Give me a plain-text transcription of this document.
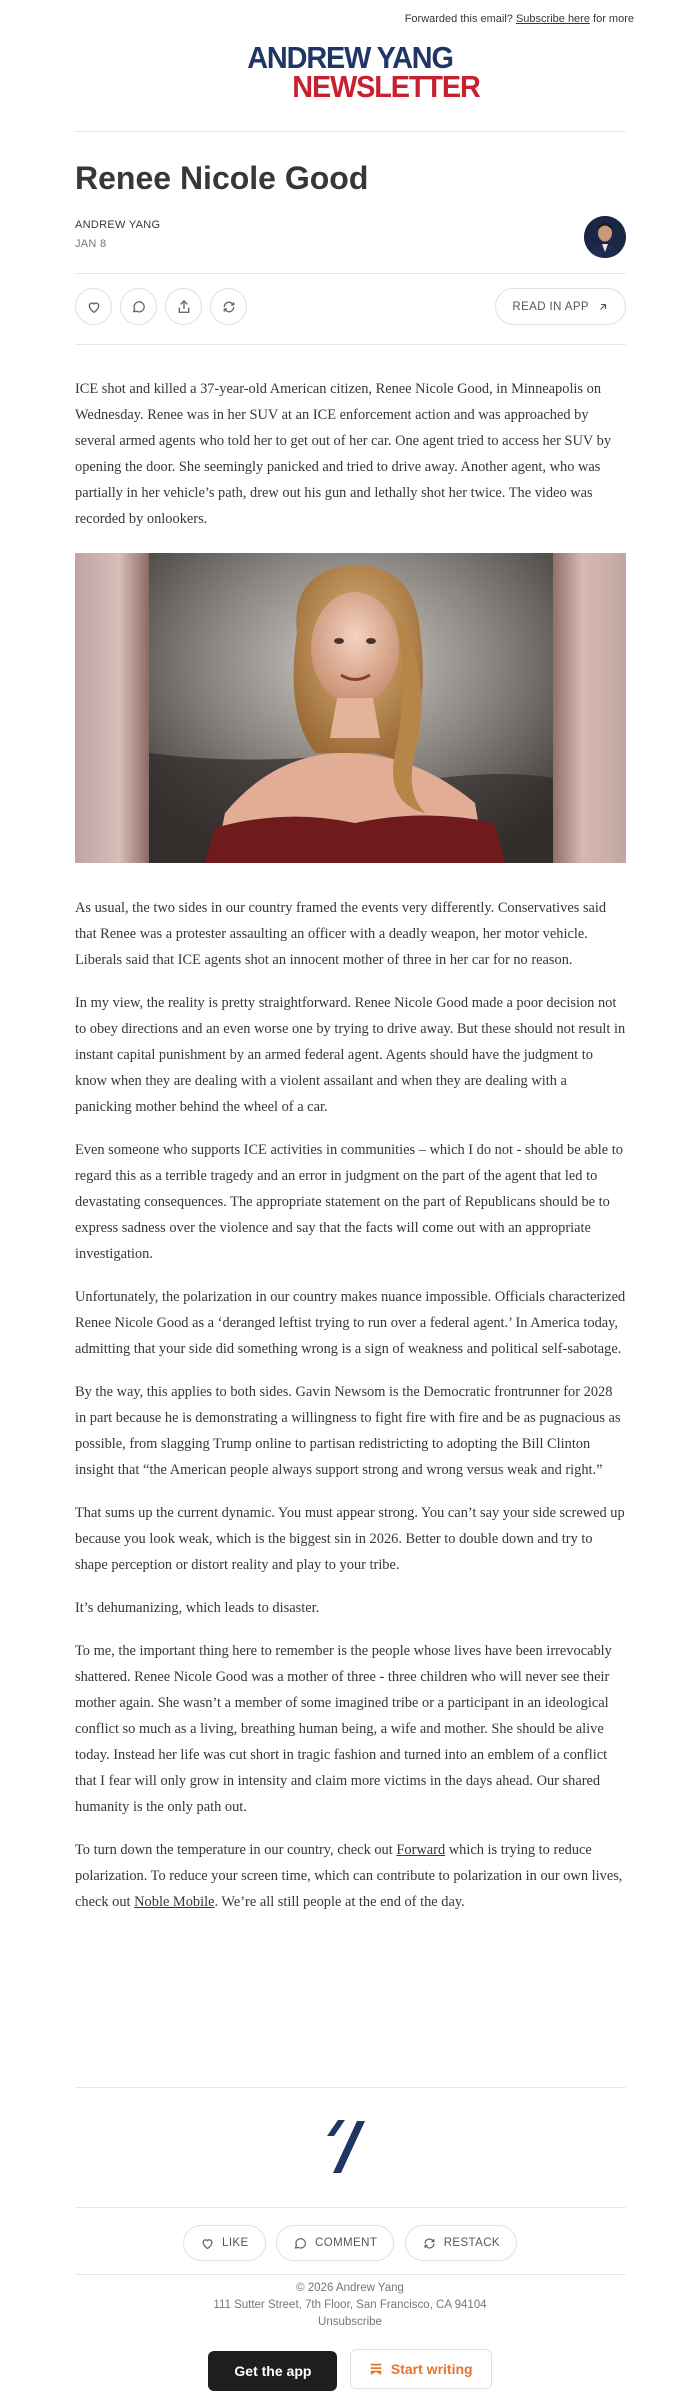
Forwarded this email? Subscribe here for more
ANDREW YANG
NEWSLETTER
Renee Nicole Good
ANDREW YANG
JAN 8
READ IN APP

ICE shot and killed a 37-year-old American citizen, Renee Nicole Good, in Minneapolis on Wednesday. Renee was in her SUV at an ICE enforcement action and was approached by several armed agents who told her to get out of her car. One agent tried to access her SUV by opening the door. She seemingly panicked and tried to drive away. Another agent, who was partially in her vehicle’s path, drew out his gun and lethally shot her twice. The video was recorded by onlookers.

As usual, the two sides in our country framed the events very differently. Conservatives said that Renee was a protester assaulting an officer with a deadly weapon, her motor vehicle. Liberals said that ICE agents shot an innocent mother of three in her car for no reason.

In my view, the reality is pretty straightforward. Renee Nicole Good made a poor decision not to obey directions and an even worse one by trying to drive away. But these should not result in instant capital punishment by an armed federal agent. Agents should have the judgment to know when they are dealing with a violent assailant and when they are dealing with a panicking mother behind the wheel of a car.

Even someone who supports ICE activities in communities – which I do not - should be able to regard this as a terrible tragedy and an error in judgment on the part of the agent that led to devastating consequences. The appropriate statement on the part of Republicans should be to express sadness over the violence and say that the facts will come out with an appropriate investigation.

Unfortunately, the polarization in our country makes nuance impossible. Officials characterized Renee Nicole Good as a ‘deranged leftist trying to run over a federal agent.’ In America today, admitting that your side did something wrong is a sign of weakness and political self-sabotage.

By the way, this applies to both sides. Gavin Newsom is the Democratic frontrunner for 2028 in part because he is demonstrating a willingness to fight fire with fire and be as pugnacious as possible, from slagging Trump online to partisan redistricting to adopting the Bill Clinton insight that “the American people always support strong and wrong versus weak and right.”

That sums up the current dynamic. You must appear strong. You can’t say your side screwed up because you look weak, which is the biggest sin in 2026. Better to double down and try to shape perception or distort reality and play to your tribe.

It’s dehumanizing, which leads to disaster.

To me, the important thing here to remember is the people whose lives have been irrevocably shattered. Renee Nicole Good was a mother of three - three children who will never see their mother again. She wasn’t a member of some imagined tribe or a participant in an ideological conflict so much as a living, breathing human being, a wife and mother. She should be alive today. Instead her life was cut short in tragic fashion and turned into an emblem of a conflict that I fear will only grow in intensity and claim more victims in the days ahead. Our shared humanity is the only path out.

To turn down the temperature in our country, check out Forward which is trying to reduce polarization. To reduce your screen time, which can contribute to polarization in our own lives, check out Noble Mobile. We’re all still people at the end of the day.

LIKE
	COMMENT
	RESTACK
© 2026 Andrew Yang
111 Sutter Street, 7th Floor, San Francisco, CA 94104
Unsubscribe
Get the app	Start writing
